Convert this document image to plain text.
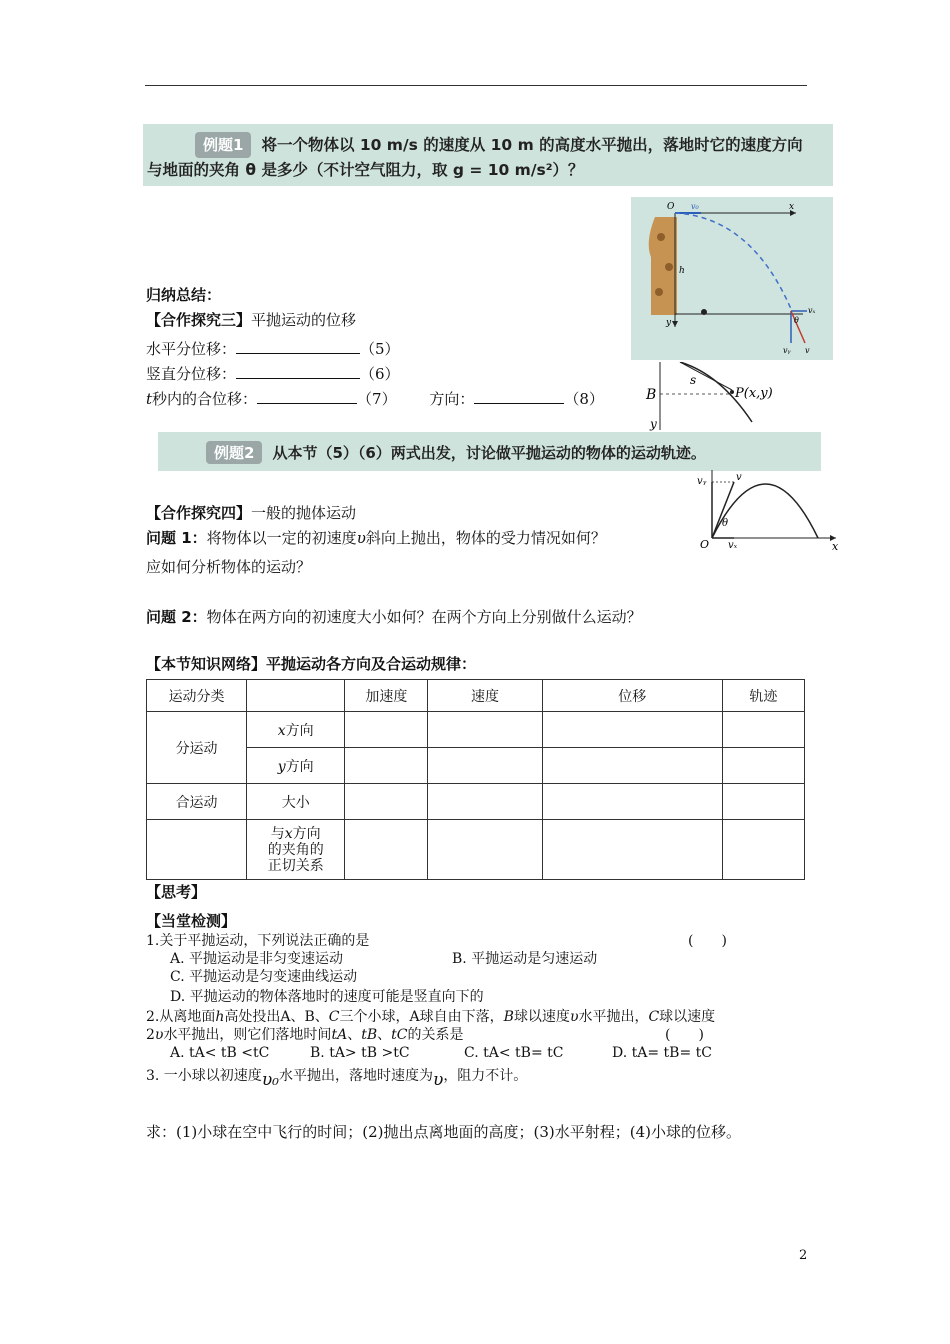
例题1 将一个物体以 10 m/s 的速度从 10 m 的高度水平抛出，落地时它的速度方向
与地面的夹角 θ 是多少（不计空气阻力，取 g = 10 m/s²）？
O v₀	x
h
y
vₓ
vᵧ v
θ
归纳总结：
【合作探究三】平抛运动的位移
水平分位移：	（5）
竖直分位移：	（6）
t秒内的合位移：	（7） 方向：	（8）	B
s
P(x,y)
y
例题2 从本节（5）（6）两式出发，讨论做平抛运动的物体的运动轨迹。
vᵧ	v
θ
O vₓ	x
【合作探究四】一般的抛体运动
问题 1：将物体以一定的初速度υ斜向上抛出，物体的受力情况如何？
应如何分析物体的运动？
问题 2：物体在两方向的初速度大小如何？在两个方向上分别做什么运动？
【本节知识网络】平抛运动各方向及合运动规律：
运动分类		加速度	速度	位移	轨迹
分运动	x方向				
	y方向				
合运动	大小				

	与x方向
的夹角的
正切关系				

【思考】
【当堂检测】
1.关于平抛运动，下列说法正确的是	(　　)
A. 平抛运动是非匀变速运动	B. 平抛运动是匀速运动
C. 平抛运动是匀变速曲线运动
D. 平抛运动的物体落地时的速度可能是竖直向下的
2.从离地面h高处投出A、B、C三个小球，A球自由下落，B球以速度υ水平抛出，C球以速度
2υ水平抛出，则它们落地时间tA、tB、tC的关系是	(　　)
A. tA< tB <tC	B. tA> tB >tC	C. tA< tB= tC	D. tA= tB= tC
3. 一小球以初速度υ₀水平抛出，落地时速度为υ，阻力不计。
求：(1)小球在空中飞行的时间；(2)抛出点离地面的高度；(3)水平射程；(4)小球的位移。
2
